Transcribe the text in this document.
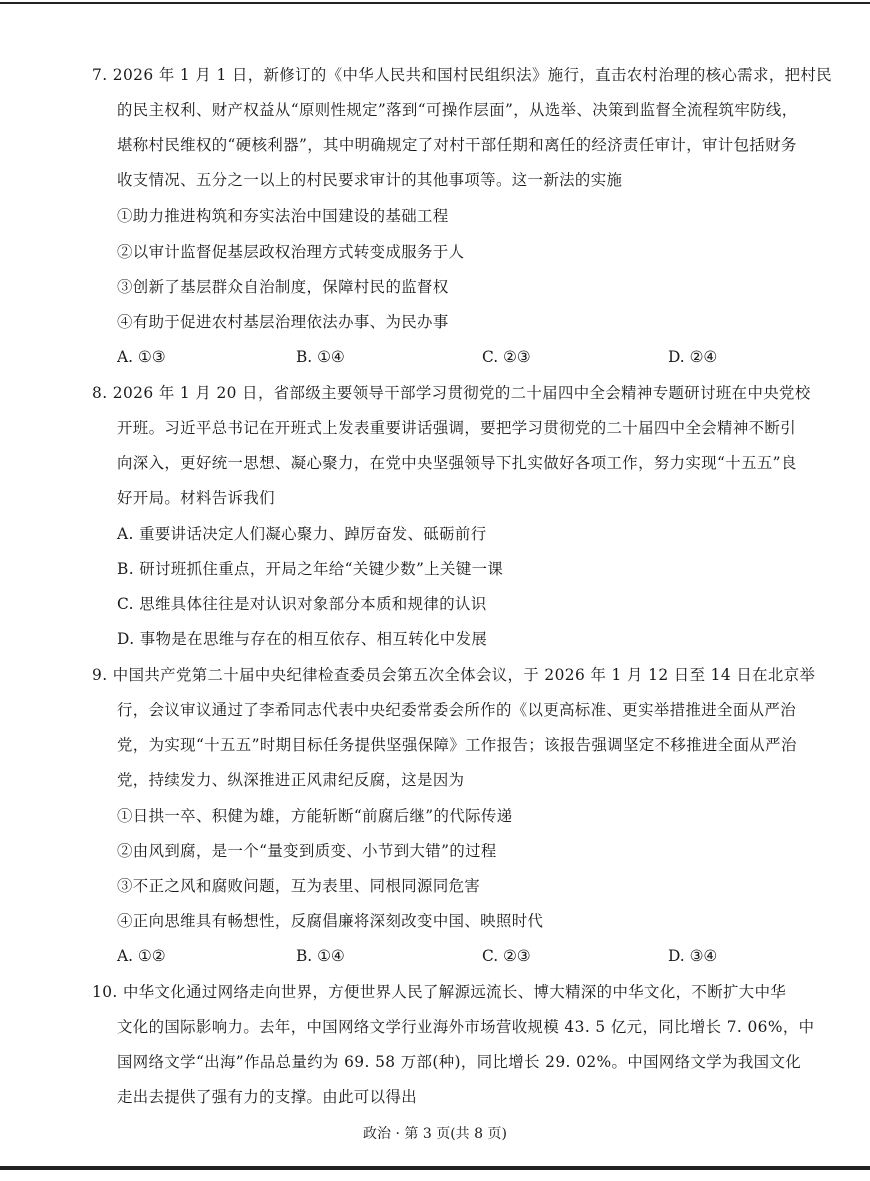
7. 2026 年 1 月 1 日，新修订的《中华人民共和国村民组织法》施行，直击农村治理的核心需求，把村民
的民主权利、财产权益从“原则性规定”落到“可操作层面”，从选举、决策到监督全流程筑牢防线，
堪称村民维权的“硬核利器”，其中明确规定了对村干部任期和离任的经济责任审计，审计包括财务
收支情况、五分之一以上的村民要求审计的其他事项等。这一新法的实施
①助力推进构筑和夯实法治中国建设的基础工程
②以审计监督促基层政权治理方式转变成服务于人
③创新了基层群众自治制度，保障村民的监督权
④有助于促进农村基层治理依法办事、为民办事
A. ①③	B. ①④	C. ②③	D. ②④
8. 2026 年 1 月 20 日，省部级主要领导干部学习贯彻党的二十届四中全会精神专题研讨班在中央党校
开班。习近平总书记在开班式上发表重要讲话强调，要把学习贯彻党的二十届四中全会精神不断引
向深入，更好统一思想、凝心聚力，在党中央坚强领导下扎实做好各项工作，努力实现“十五五”良
好开局。材料告诉我们
A. 重要讲话决定人们凝心聚力、踔厉奋发、砥砺前行
B. 研讨班抓住重点，开局之年给“关键少数”上关键一课
C. 思维具体往往是对认识对象部分本质和规律的认识
D. 事物是在思维与存在的相互依存、相互转化中发展
9. 中国共产党第二十届中央纪律检查委员会第五次全体会议，于 2026 年 1 月 12 日至 14 日在北京举
行，会议审议通过了李希同志代表中央纪委常委会所作的《以更高标准、更实举措推进全面从严治
党，为实现“十五五”时期目标任务提供坚强保障》工作报告；该报告强调坚定不移推进全面从严治
党，持续发力、纵深推进正风肃纪反腐，这是因为
①日拱一卒、积健为雄，方能斩断“前腐后继”的代际传递
②由风到腐，是一个“量变到质变、小节到大错”的过程
③不正之风和腐败问题，互为表里、同根同源同危害
④正向思维具有畅想性，反腐倡廉将深刻改变中国、映照时代
A. ①②	B. ①④	C. ②③	D. ③④
10. 中华文化通过网络走向世界，方便世界人民了解源远流长、博大精深的中华文化，不断扩大中华
文化的国际影响力。去年，中国网络文学行业海外市场营收规模 43. 5 亿元，同比增长 7. 06%，中
国网络文学“出海”作品总量约为 69. 58 万部(种)，同比增长 29. 02%。中国网络文学为我国文化
走出去提供了强有力的支撑。由此可以得出
政治 · 第 3 页(共 8 页)
